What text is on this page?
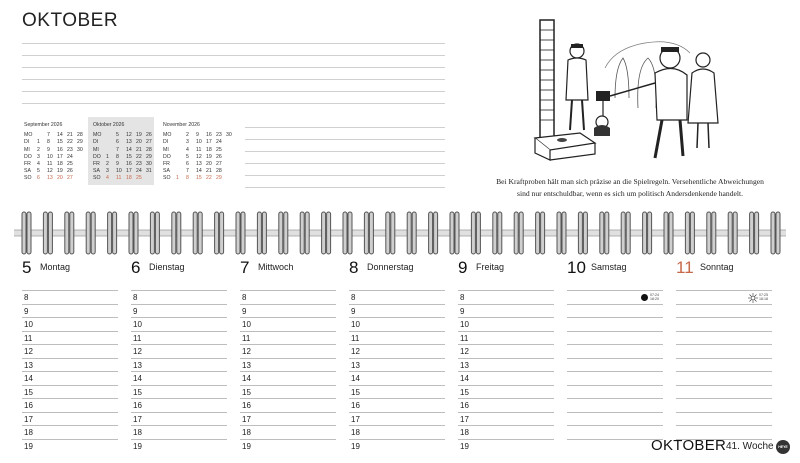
OKTOBER
September 2026
MO		7	14	21	28
DI	1	8	15	22	29
MI	2	9	16	23	30
DO	3	10	17	24	
FR	4	11	18	25	
SA	5	12	19	26	
SO	6	13	20	27	
Oktober 2026
MO		5	12	19	26
DI		6	13	20	27
MI		7	14	21	28
DO	1	8	15	22	29
FR	2	9	16	23	30
SA	3	10	17	24	31
SO	4	11	18	25	
November 2026
MO		2	9	16	23	30
DI		3	10	17	24	
MI		4	11	18	25	
DO		5	12	19	26	
FR		6	13	20	27	
SA		7	14	21	28	
SO	1	8	15	22	29		Bei Kraftproben hält man sich präzise an die Spielregeln. Versehentliche Abweichungen
sind nur entschuldbar, wenn es sich um politisch Andersdenkende handelt.
5 Montag
8
9
10
11
12
13
14
15
16
17
18
19
6 Dienstag
8
9
10
11
12
13
14
15
16
17
18
19
7 Mittwoch
8
9
10
11
12
13
14
15
16
17
18
19
8 Donnerstag
8
9
10
11
12
13
14
15
16
17
18
19
9 Freitag
8
9
10
11
12
13
14
15
16
17
18
19
10 Samstag
07:24
18:20
11 Sonntag
07:25
18:18
OKTOBER 41. Woche	HEYE
